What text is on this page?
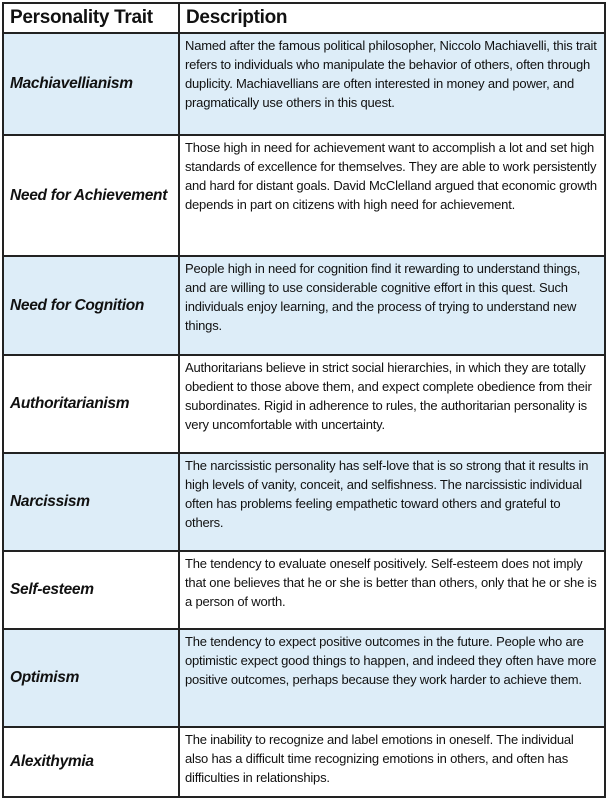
Personality Trait	Description
Machiavellianism	Named after the famous political philosopher, Niccolo Machiavelli, this trait refers to individuals who manipulate the behavior of others, often through duplicity. Machiavellians are often interested in money and power, and pragmatically use others in this quest.
Need for Achievement	Those high in need for achievement want to accomplish a lot and set high standards of excellence for themselves. They are able to work persistently and hard for distant goals. David McClelland argued that economic growth depends in part on citizens with high need for achievement.
Need for Cognition	People high in need for cognition find it rewarding to understand things, and are willing to use considerable cognitive effort in this quest. Such individuals enjoy learning, and the process of trying to understand new things.
Authoritarianism	Authoritarians believe in strict social hierarchies, in which they are totally obedient to those above them, and expect complete obedience from their subordinates. Rigid in adherence to rules, the authoritarian personality is very uncomfortable with uncertainty.
Narcissism	The narcissistic personality has self-love that is so strong that it results in high levels of vanity, conceit, and selfishness. The narcissistic individual often has problems feeling empathetic toward others and grateful to others.
Self-esteem	The tendency to evaluate oneself positively. Self-esteem does not imply that one believes that he or she is better than others, only that he or she is a person of worth.
Optimism	The tendency to expect positive outcomes in the future. People who are optimistic expect good things to happen, and indeed they often have more positive outcomes, perhaps because they work harder to achieve them.
Alexithymia	The inability to recognize and label emotions in oneself. The individual also has a difficult time recognizing emotions in others, and often has difficulties in relationships.
